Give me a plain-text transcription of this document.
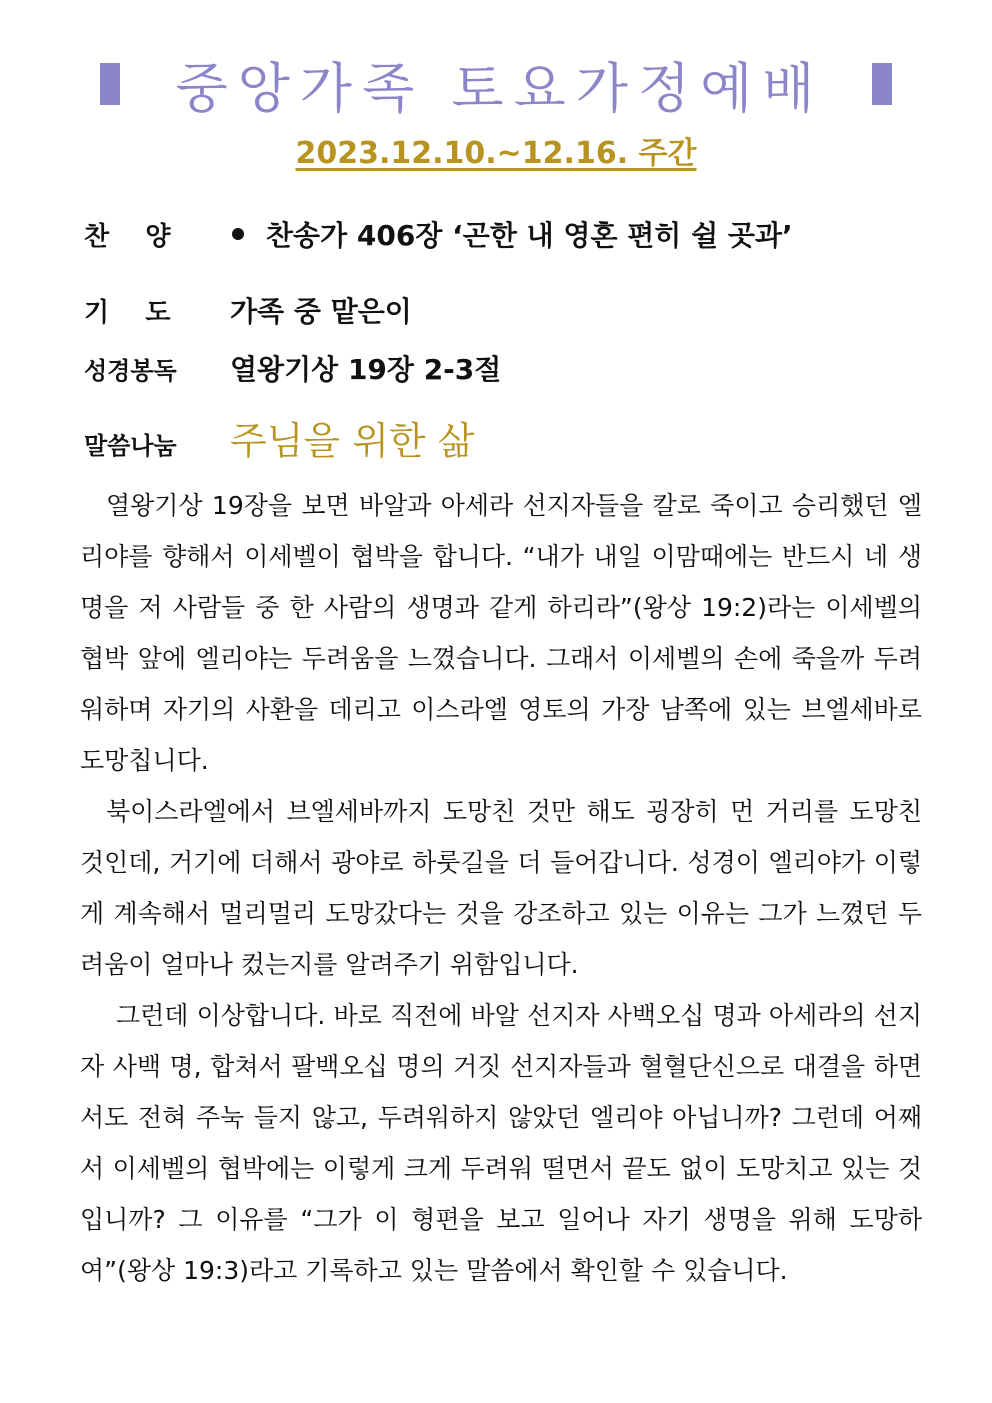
중앙가족 토요가정예배
2023.12.10.~12.16. 주간
찬    양	찬송가 406장 ‘곤한 내 영혼 편히 쉴 곳과’
기    도	가족 중 맡은이
성경봉독	열왕기상 19장 2-3절
말씀나눔	주님을 위한 삶

열왕기상 19장을 보면 바알과 아세라 선지자들을 칼로 죽이고 승리했던 엘리야를 향해서 이세벨이 협박을 합니다. “내가 내일 이맘때에는 반드시 네 생명을 저 사람들 중 한 사람의 생명과 같게 하리라”(왕상 19:2)라는 이세벨의 협박 앞에 엘리야는 두려움을 느꼈습니다. 그래서 이세벨의 손에 죽을까 두려워하며 자기의 사환을 데리고 이스라엘 영토의 가장 남쪽에 있는 브엘세바로 도망칩니다.

북이스라엘에서 브엘세바까지 도망친 것만 해도 굉장히 먼 거리를 도망친 것인데, 거기에 더해서 광야로 하룻길을 더 들어갑니다. 성경이 엘리야가 이렇게 계속해서 멀리멀리 도망갔다는 것을 강조하고 있는 이유는 그가 느꼈던 두려움이 얼마나 컸는지를 알려주기 위함입니다.

그런데 이상합니다. 바로 직전에 바알 선지자 사백오십 명과 아세라의 선지자 사백 명, 합쳐서 팔백오십 명의 거짓 선지자들과 혈혈단신으로 대결을 하면서도 전혀 주눅 들지 않고, 두려워하지 않았던 엘리야 아닙니까? 그런데 어째서 이세벨의 협박에는 이렇게 크게 두려워 떨면서 끝도 없이 도망치고 있는 것입니까? 그 이유를 “그가 이 형편을 보고 일어나 자기 생명을 위해 도망하여”(왕상 19:3)라고 기록하고 있는 말씀에서 확인할 수 있습니다.
